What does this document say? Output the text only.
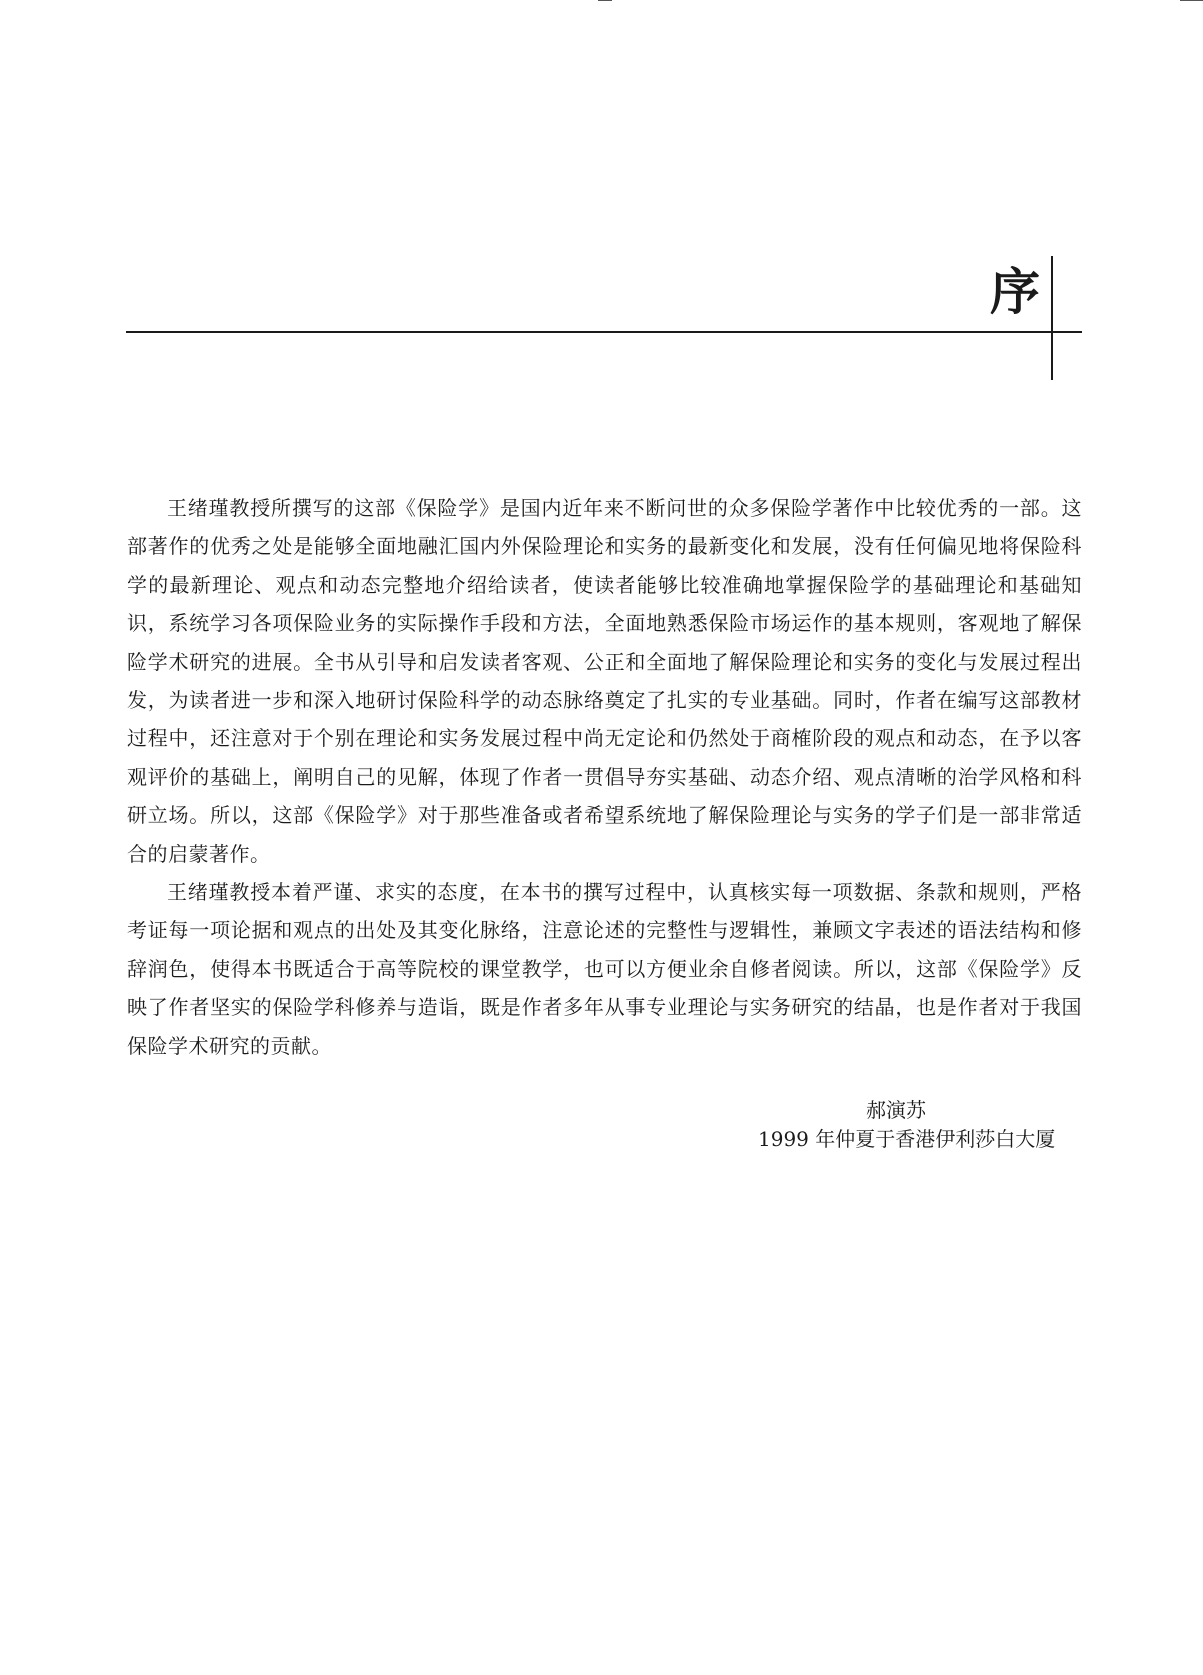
序

王绪瑾教授所撰写的这部《保险学》是国内近年来不断问世的众多保险学著作中比较优秀的一部。这部著作的优秀之处是能够全面地融汇国内外保险理论和实务的最新变化和发展，没有任何偏见地将保险科学的最新理论、观点和动态完整地介绍给读者，使读者能够比较准确地掌握保险学的基础理论和基础知识，系统学习各项保险业务的实际操作手段和方法，全面地熟悉保险市场运作的基本规则，客观地了解保险学术研究的进展。全书从引导和启发读者客观、公正和全面地了解保险理论和实务的变化与发展过程出发，为读者进一步和深入地研讨保险科学的动态脉络奠定了扎实的专业基础。同时，作者在编写这部教材过程中，还注意对于个别在理论和实务发展过程中尚无定论和仍然处于商榷阶段的观点和动态，在予以客观评价的基础上，阐明自己的见解，体现了作者一贯倡导夯实基础、动态介绍、观点清晰的治学风格和科研立场。所以，这部《保险学》对于那些准备或者希望系统地了解保险理论与实务的学子们是一部非常适合的启蒙著作。

王绪瑾教授本着严谨、求实的态度，在本书的撰写过程中，认真核实每一项数据、条款和规则，严格考证每一项论据和观点的出处及其变化脉络，注意论述的完整性与逻辑性，兼顾文字表述的语法结构和修辞润色，使得本书既适合于高等院校的课堂教学，也可以方便业余自修者阅读。所以，这部《保险学》反映了作者坚实的保险学科修养与造诣，既是作者多年从事专业理论与实务研究的结晶，也是作者对于我国保险学术研究的贡献。

郝演苏
1999 年仲夏于香港伊利莎白大厦
